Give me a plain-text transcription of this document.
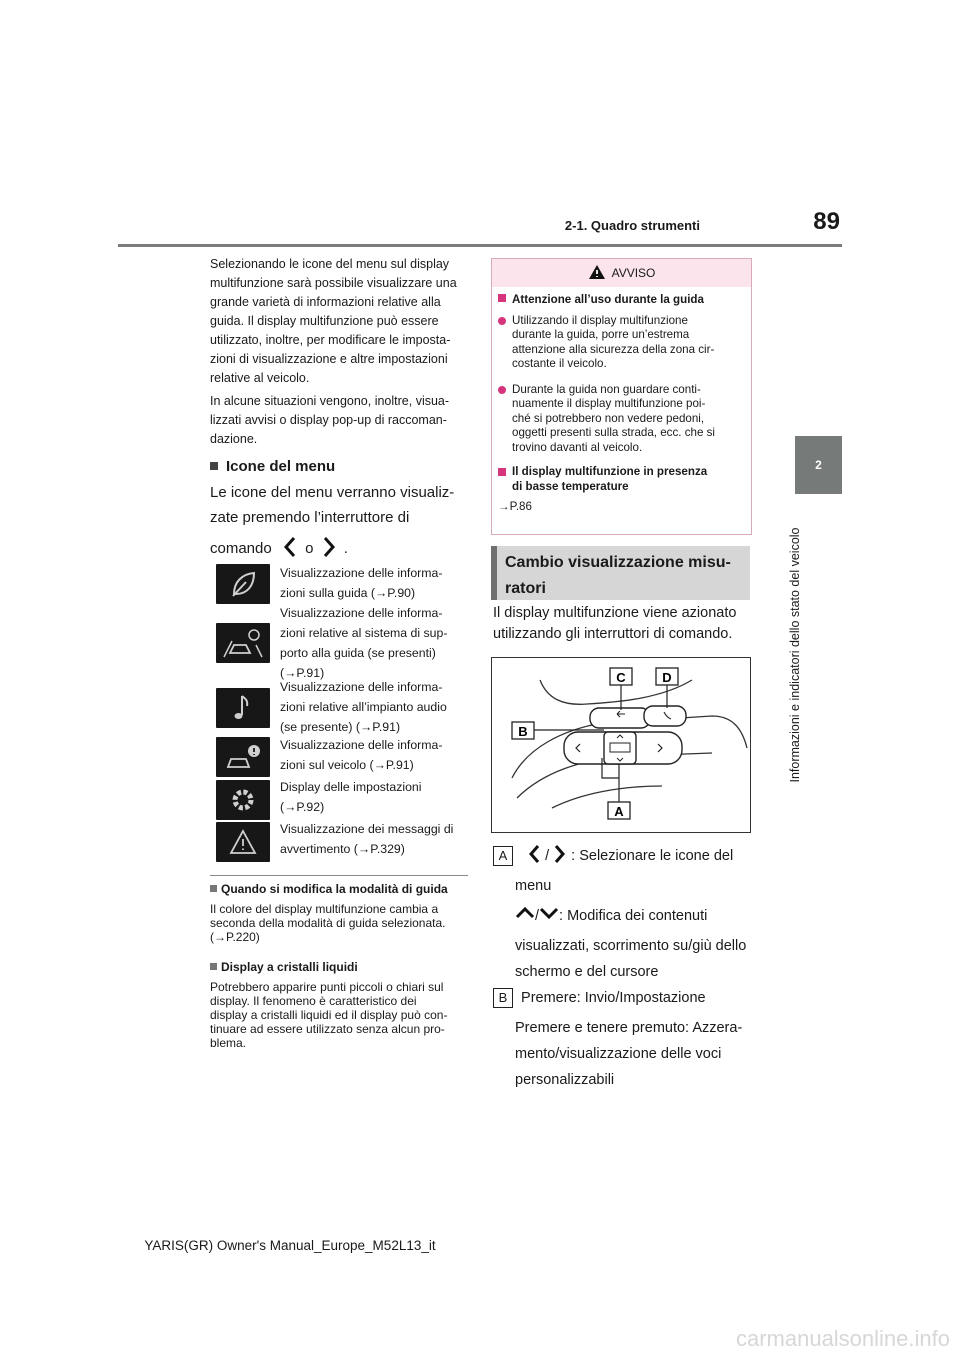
2-1. Quadro strumenti	89
2
Informazioni e indicatori dello stato del veicolo
Selezionando le icone del menu sul display
multifunzione sarà possibile visualizzare una
grande varietà di informazioni relative alla
guida. Il display multifunzione può essere
utilizzato, inoltre, per modificare le imposta-
zioni di visualizzazione e altre impostazioni
relative al veicolo.
In alcune situazioni vengono, inoltre, visua-
lizzati avvisi o display pop-up di raccoman-
dazione.
Icone del menu
Le icone del menu verranno visualiz-
zate premendo l’interruttore di
comando o .
Visualizzazione delle informa-
zioni sulla guida (→P.90)
Visualizzazione delle informa-
zioni relative al sistema di sup-
porto alla guida (se presenti)
(→P.91)
Visualizzazione delle informa-
zioni relative all’impianto audio
(se presente) (→P.91)
Visualizzazione delle informa-
zioni sul veicolo (→P.91)
Display delle impostazioni
(→P.92)
Visualizzazione dei messaggi di
avvertimento (→P.329)
Quando si modifica la modalità di guida
Il colore del display multifunzione cambia a
seconda della modalità di guida selezionata.
(→P.220)
Display a cristalli liquidi
Potrebbero apparire punti piccoli o chiari sul
display. Il fenomeno è caratteristico dei
display a cristalli liquidi ed il display può con-
tinuare ad essere utilizzato senza alcun pro-
blema.
AVVISO
Attenzione all’uso durante la guida
Utilizzando il display multifunzione
durante la guida, porre un’estrema
attenzione alla sicurezza della zona cir-
costante il veicolo.
Durante la guida non guardare conti-
nuamente il display multifunzione poi-
ché si potrebbero non vedere pedoni,
oggetti presenti sulla strada, ecc. che si
trovino davanti al veicolo.
Il display multifunzione in presenza
di basse temperature
→P.86
Cambio visualizzazione misu-
ratori
Il display multifunzione viene azionato
utilizzando gli interruttori di comando.
C	D
B
A
A	/ : Selezionare le icone del
menu
/ : Modifica dei contenuti
visualizzati, scorrimento su/giù dello
schermo e del cursore
B Premere: Invio/Impostazione
Premere e tenere premuto: Azzera-
mento/visualizzazione delle voci
personalizzabili
YARIS(GR) Owner's Manual_Europe_M52L13_it
carmanualsonline.info
